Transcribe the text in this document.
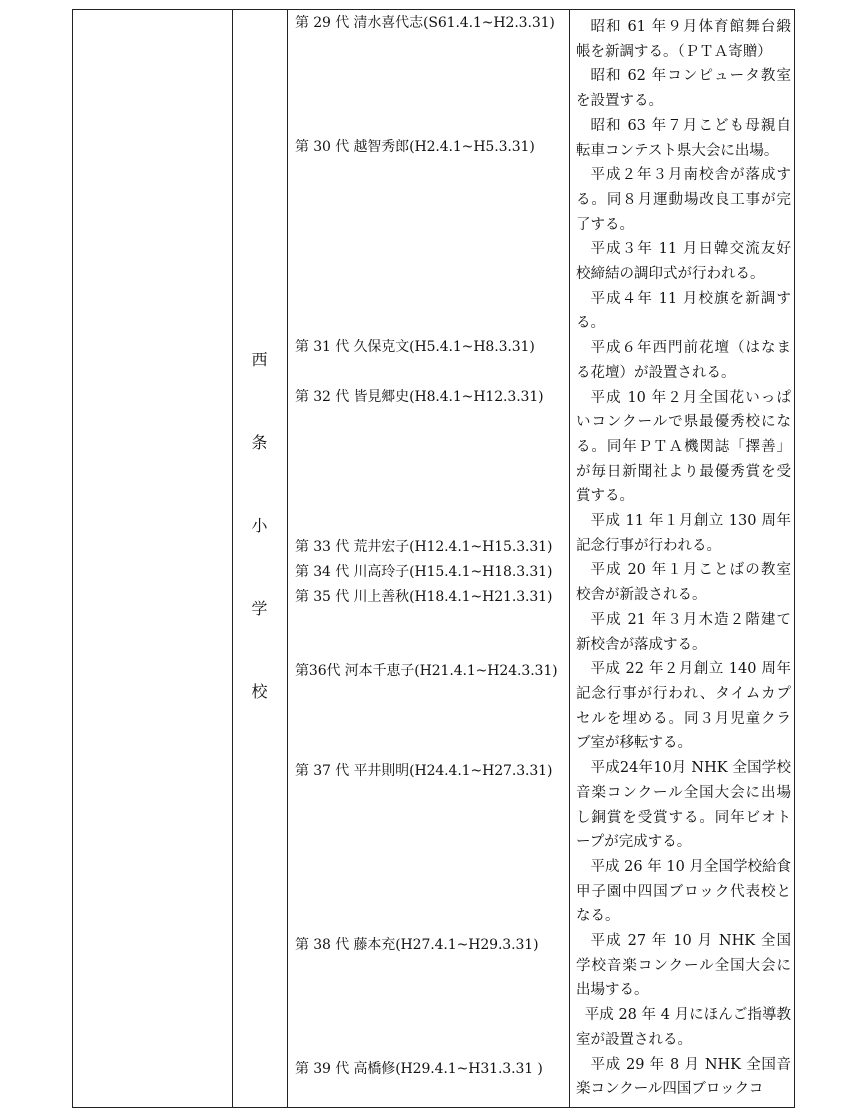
西
条
小
学
校
第 29 代 清水喜代志(S61.4.1~H2.3.31)
第 30 代 越智秀郎(H2.4.1~H5.3.31)
第 31 代 久保克文(H5.4.1~H8.3.31)
第 32 代 皆見郷史(H8.4.1~H12.3.31)
第 33 代 荒井宏子(H12.4.1~H15.3.31)
第 34 代 川高玲子(H15.4.1~H18.3.31)
第 35 代 川上善秋(H18.4.1~H21.3.31)
第36代 河本千恵子(H21.4.1~H24.3.31)
第 37 代 平井則明(H24.4.1~H27.3.31)
第 38 代 藤本充(H27.4.1~H29.3.31)
第 39 代 高橋修(H29.4.1~H31.3.31 )

昭和 61 年９月体育館舞台緞帳を新調する。（ＰＴＡ寄贈）

昭和 62 年コンピュータ教室を設置する。

昭和 63 年７月こども母親自転車コンテスト県大会に出場。

平成２年３月南校舎が落成する。同８月運動場改良工事が完了する。

平成３年 11 月日韓交流友好校締結の調印式が行われる。

平成４年 11 月校旗を新調する。

平成６年西門前花壇（はなまる花壇）が設置される。

平成 10 年２月全国花いっぱいコンクールで県最優秀校になる。同年ＰＴＡ機関誌「擇善」が毎日新聞社より最優秀賞を受賞する。

平成 11 年１月創立 130 周年記念行事が行われる。

平成 20 年１月ことばの教室校舎が新設される。

平成 21 年３月木造２階建て新校舎が落成する。

平成 22 年２月創立 140 周年記念行事が行われ、タイムカプセルを埋める。同３月児童クラブ室が移転する。

平成24年10月 NHK 全国学校音楽コンクール全国大会に出場し銅賞を受賞する。同年ビオトープが完成する。

平成 26 年 10 月全国学校給食甲子園中四国ブロック代表校となる。

平成 27 年 10 月 NHK 全国学校音楽コンクール全国大会に出場する。

平成 28 年 4 月にほんご指導教室が設置される。

平成 29 年 8 月 NHK 全国音楽コンクール四国ブロックコ
